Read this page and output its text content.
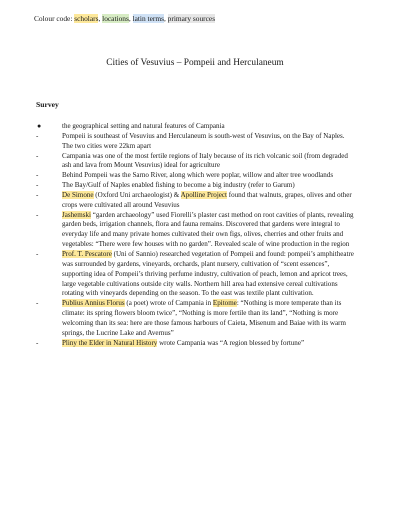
Colour code: scholars, locations, latin terms, primary sources
Cities of Vesuvius – Pompeii and Herculaneum
Survey
●	the geographical setting and natural features of Campania
-	Pompeii is southeast of Vesuvius and Herculaneum is south-west of Vesuvius, on the Bay of Naples. The two cities were 22km apart
-	Campania was one of the most fertile regions of Italy because of its rich volcanic soil (from degraded ash and lava from Mount Vesuvius) ideal for agriculture
-	Behind Pompeii was the Sarno River, along which were poplar, willow and alter tree woodlands
-	The Bay/Gulf of Naples enabled fishing to become a big industry (refer to Garum)
-	De Simone (Oxford Uni archaeologist) & Apolline Project found that walnuts, grapes, olives and other crops were cultivated all around Vesuvius
-	Jashemski “garden archaeology” used Fiorelli’s plaster cast method on root cavities of plants, revealing garden beds, irrigation channels, flora and fauna remains. Discovered that gardens were integral to everyday life and many private homes cultivated their own figs, olives, cherries and other fruits and vegetables: “There were few houses with no garden”. Revealed scale of wine production in the region
-	Prof. T. Pescatore (Uni of Sannio) researched vegetation of Pompeii and found: pompeii’s amphitheatre was surrounded by gardens, vineyards, orchards, plant nursery, cultivation of “scent essences”, supporting idea of Pompeii’s thriving perfume industry, cultivation of peach, lemon and apricot trees, large vegetable cultivations outside city walls. Northern hill area had extensive cereal cultivations rotating with vineyards depending on the season. To the east was textile plant cultivation.
-	Publius Annius Florus (a poet) wrote of Campania in Epitome: “Nothing is more temperate than its climate: its spring flowers bloom twice”, “Nothing is more fertile than its land”, “Nothing is more welcoming than its sea: here are those famous harbours of Caieta, Misenum and Baiae with its warm springs, the Lucrine Lake and Avernus”
-	Pliny the Elder in Natural History wrote Campania was “A region blessed by fortune”
